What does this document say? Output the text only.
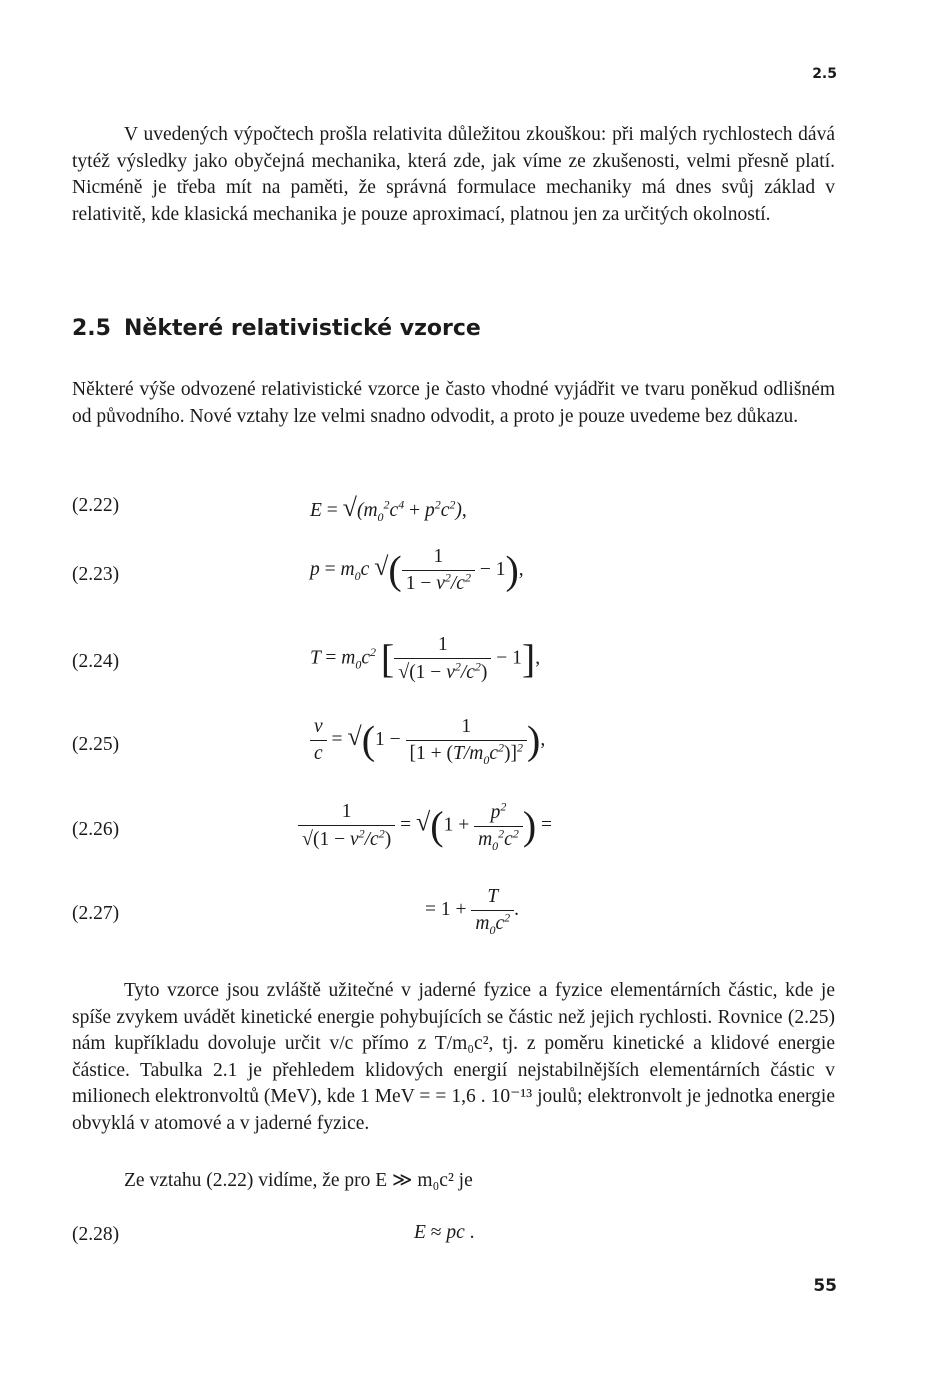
2.5
V uvedených výpočtech prošla relativita důležitou zkouškou: při malých rychlostech dává tytéž výsledky jako obyčejná mechanika, která zde, jak víme ze zkušenosti, velmi přesně platí. Nicméně je třeba mít na paměti, že správná formulace mechaniky má dnes svůj základ v relativitě, kde klasická mechanika je pouze aproximací, platnou jen za určitých okolností.
2.5 Některé relativistické vzorce
Některé výše odvozené relativistické vzorce je často vhodné vyjádřit ve tvaru poněkud odlišném od původního. Nové vztahy lze velmi snadno odvodit, a proto je pouze uvedeme bez důkazu.
(2.22)
(2.23)
(2.24)
(2.25)
(2.26)
(2.27)
(2.28)
$E = √(m_0^2c^4 + p^2c^2)$,
$p = m_0c$ √( $\frac{1}{1 - v^2/c^2} - 1$),
$T = m_0c^2$ [ $\frac{1}{√(1 - v^2/c^2)} - 1$],
$\frac{v}{c} = √(1 - \frac{1}{[1 + (T/m_0c^2)]^2}$ ),
$\frac{1}{√(1 - v^2/c^2)} = √(1 + \frac{p^2}{m_0^2c^2}$ ) =
= $1 + \frac{T}{m_0c^2}$ .
Tyto vzorce jsou zvláště užitečné v jaderné fyzice a fyzice elementárních částic, kde je spíše zvykem uvádět kinetické energie pohybujících se částic než jejich rychlosti. Rovnice (2.25) nám kupříkladu dovoluje určit v/c přímo z T/m₀c², tj. z poměru kinetické a klidové energie částice. Tabulka 2.1 je přehledem klidových energií nejstabilnějších elementárních částic v milionech elektronvoltů (MeV), kde 1 MeV = = 1,6 . 10⁻¹³ joulů; elektronvolt je jednotka energie obvyklá v atomové a v jaderné fyzice.
Ze vztahu (2.22) vidíme, že pro E ≫ m₀c² je
E ≈ pc .
55
